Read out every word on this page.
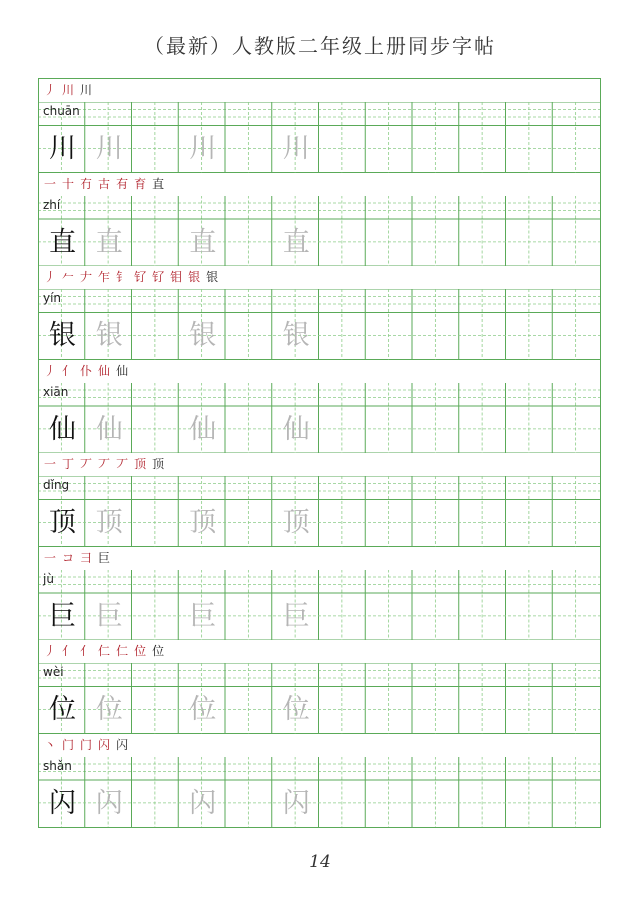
（最新）人教版二年级上册同步字帖
丿 川 川
chuān
川 川	川	川
一 十 冇 古 有 育 直
zhí
直 直	直	直
丿 𠂉 𠂇 乍 钅 钌 钌 钼 银 银
yín
银 银	银	银
丿 亻 仆 仙 仙
xiān
仙 仙	仙	仙
一 丁 丆 丆 丆 顶 顶
dǐng
顶 顶	顶	顶
一 コ 彐 巨
jù
巨 巨	巨	巨
丿 亻 亻 仁 仁 位 位
wèi
位 位	位	位
丶 门 门 闪 闪
shǎn
闪 闪	闪	闪
14
